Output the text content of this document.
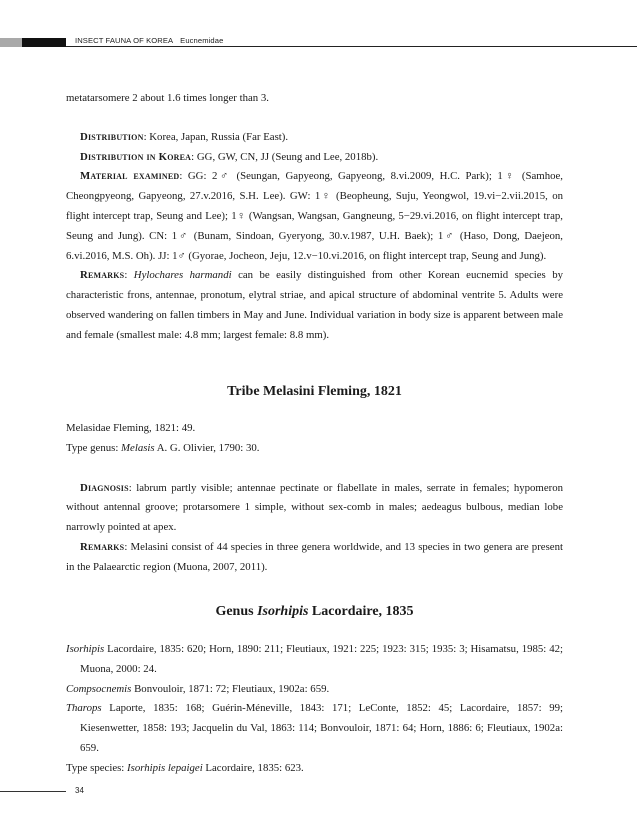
INSECT FAUNA OF KOREA Eucnemidae

metatarsomere 2 about 1.6 times longer than 3.

Distribution: Korea, Japan, Russia (Far East).

Distribution in Korea: GG, GW, CN, JJ (Seung and Lee, 2018b).

Material examined: GG: 2♂ (Seungan, Gapyeong, Gapyeong, 8.vi.2009, H.C. Park); 1♀ (Samhoe, Cheongpyeong, Gapyeong, 27.v.2016, S.H. Lee). GW: 1♀ (Beopheung, Suju, Yeongwol, 19.vi−2.vii.2015, on flight intercept trap, Seung and Lee); 1♀ (Wangsan, Wangsan, Gangneung, 5−29.vi.2016, on flight intercept trap, Seung and Jung). CN: 1♂ (Bunam, Sindoan, Gyeryong, 30.v.1987, U.H. Baek); 1♂ (Haso, Dong, Daejeon, 6.vi.2016, M.S. Oh). JJ: 1♂ (Gyorae, Jocheon, Jeju, 12.v−10.vi.2016, on flight intercept trap, Seung and Jung).

Remarks: Hylochares harmandi can be easily distinguished from other Korean eucnemid species by characteristic frons, antennae, pronotum, elytral striae, and apical structure of abdominal ventrite 5. Adults were observed wandering on fallen timbers in May and June. Individual variation in body size is apparent between male and female (smallest male: 4.8 mm; largest female: 8.8 mm).

Tribe Melasini Fleming, 1821

Melasidae Fleming, 1821: 49.

Type genus: Melasis A. G. Olivier, 1790: 30.

Diagnosis: labrum partly visible; antennae pectinate or flabellate in males, serrate in females; hypomeron without antennal groove; protarsomere 1 simple, without sex-comb in males; aedeagus bulbous, median lobe narrowly pointed at apex.

Remarks: Melasini consist of 44 species in three genera worldwide, and 13 species in two genera are present in the Palaearctic region (Muona, 2007, 2011).

Genus Isorhipis Lacordaire, 1835

Isorhipis Lacordaire, 1835: 620; Horn, 1890: 211; Fleutiaux, 1921: 225; 1923: 315; 1935: 3; Hisamatsu, 1985: 42; Muona, 2000: 24.

Compsocnemis Bonvouloir, 1871: 72; Fleutiaux, 1902a: 659.

Tharops Laporte, 1835: 168; Guérin-Méneville, 1843: 171; LeConte, 1852: 45; Lacordaire, 1857: 99; Kiesenwetter, 1858: 193; Jacquelin du Val, 1863: 114; Bonvouloir, 1871: 64; Horn, 1886: 6; Fleutiaux, 1902a: 659.

Type species: Isorhipis lepaigei Lacordaire, 1835: 623.

34
